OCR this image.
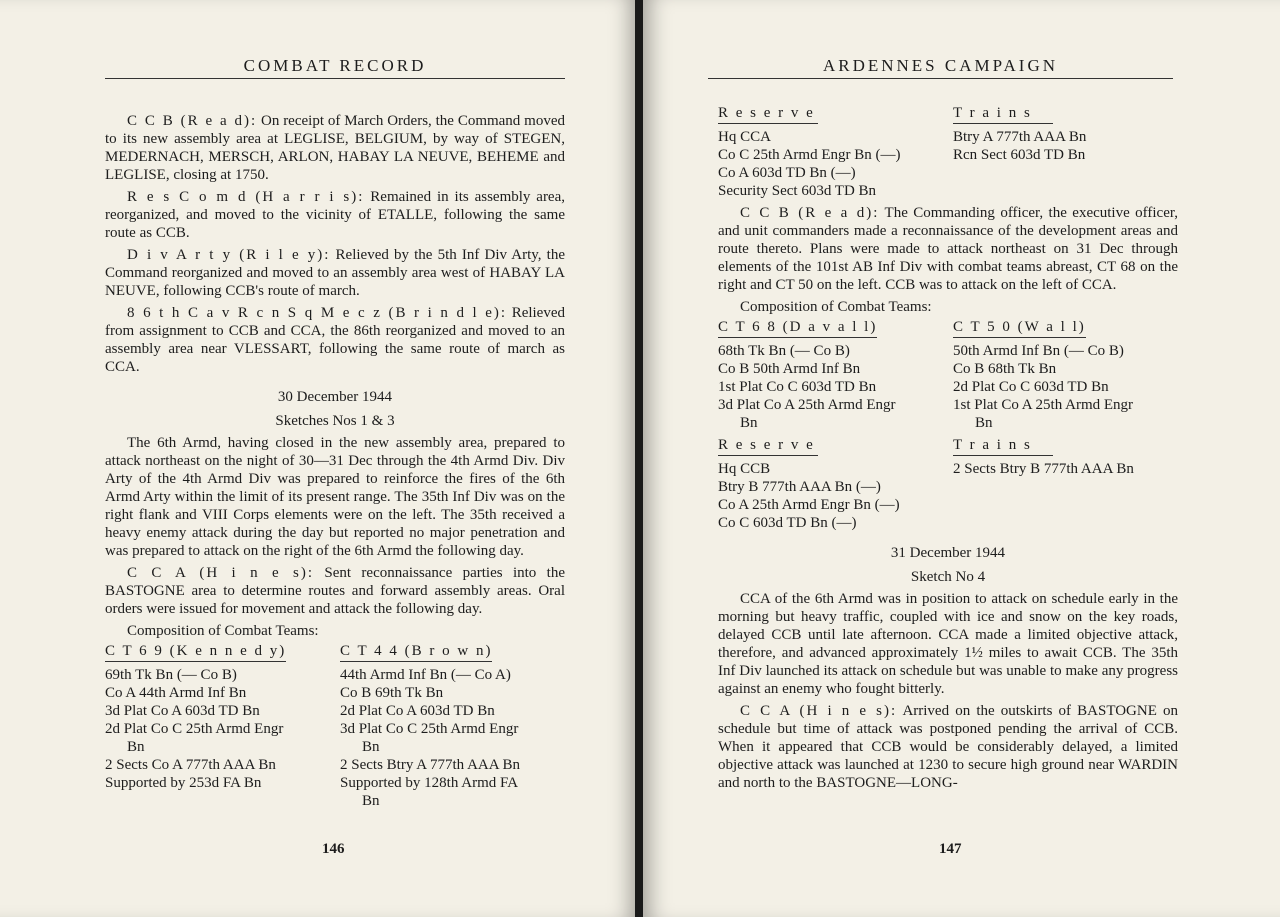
COMBAT RECORD

C C B (R e a d): On receipt of March Orders, the Command moved to its new assembly area at LEGLISE, BELGIUM, by way of STEGEN, MEDERNACH, MERSCH, ARLON, HABAY LA NEUVE, BEHEME and LEGLISE, closing at 1750.

R e s C o m d (H a r r i s): Remained in its assembly area, reorganized, and moved to the vicinity of ETALLE, following the same route as CCB.

D i v A r t y (R i l e y): Relieved by the 5th Inf Div Arty, the Command reorganized and moved to an assembly area west of HABAY LA NEUVE, following CCB's route of march.

8 6 t h C a v R c n S q M e c z (B r i n d l e): Relieved from assignment to CCB and CCA, the 86th reorganized and moved to an assembly area near VLESSART, following the same route of march as CCA.

30 December 1944
Sketches Nos 1 & 3

The 6th Armd, having closed in the new assembly area, prepared to attack northeast on the night of 30—31 Dec through the 4th Armd Div. Div Arty of the 4th Armd Div was prepared to reinforce the fires of the 6th Armd Arty within the limit of its present range. The 35th Inf Div was on the right flank and VIII Corps elements were on the left. The 35th received a heavy enemy attack during the day but reported no major penetration and was prepared to attack on the right of the 6th Armd the following day.

C C A (H i n e s): Sent reconnaissance parties into the BASTOGNE area to determine routes and forward assembly areas. Oral orders were issued for movement and attack the following day.

Composition of Combat Teams:

C T 6 9 (K e n n e d y)
69th Tk Bn (— Co B)
Co A 44th Armd Inf Bn
3d Plat Co A 603d TD Bn
2d Plat Co C 25th Armd Engr
Bn
2 Sects Co A 777th AAA Bn
Supported by 253d FA Bn
C T 4 4 (B r o w n)
44th Armd Inf Bn (— Co A)
Co B 69th Tk Bn
2d Plat Co A 603d TD Bn
3d Plat Co C 25th Armd Engr
Bn
2 Sects Btry A 777th AAA Bn
Supported by 128th Armd FA
Bn
146
ARDENNES CAMPAIGN
R e s e r v e
Hq CCA
Co C 25th Armd Engr Bn (—)
Co A 603d TD Bn (—)
Security Sect 603d TD Bn
T r a i n s
Btry A 777th AAA Bn
Rcn Sect 603d TD Bn

C C B (R e a d): The Commanding officer, the executive officer, and unit commanders made a reconnaissance of the development areas and route thereto. Plans were made to attack northeast on 31 Dec through elements of the 101st AB Inf Div with combat teams abreast, CT 68 on the right and CT 50 on the left. CCB was to attack on the left of CCA.

Composition of Combat Teams:

C T 6 8 (D a v a l l)
68th Tk Bn (— Co B)
Co B 50th Armd Inf Bn
1st Plat Co C 603d TD Bn
3d Plat Co A 25th Armd Engr
Bn
C T 5 0 (W a l l)
50th Armd Inf Bn (— Co B)
Co B 68th Tk Bn
2d Plat Co C 603d TD Bn
1st Plat Co A 25th Armd Engr
Bn
R e s e r v e
Hq CCB
Btry B 777th AAA Bn (—)
Co A 25th Armd Engr Bn (—)
Co C 603d TD Bn (—)
T r a i n s
2 Sects Btry B 777th AAA Bn
31 December 1944
Sketch No 4

CCA of the 6th Armd was in position to attack on schedule early in the morning but heavy traffic, coupled with ice and snow on the key roads, delayed CCB until late afternoon. CCA made a limited objective attack, therefore, and advanced approximately 1½ miles to await CCB. The 35th Inf Div launched its attack on schedule but was unable to make any progress against an enemy who fought bitterly.

C C A (H i n e s): Arrived on the outskirts of BASTOGNE on schedule but time of attack was postponed pending the arrival of CCB. When it appeared that CCB would be considerably delayed, a limited objective attack was launched at 1230 to secure high ground near WARDIN and north to the BASTOGNE—LONG-

147
